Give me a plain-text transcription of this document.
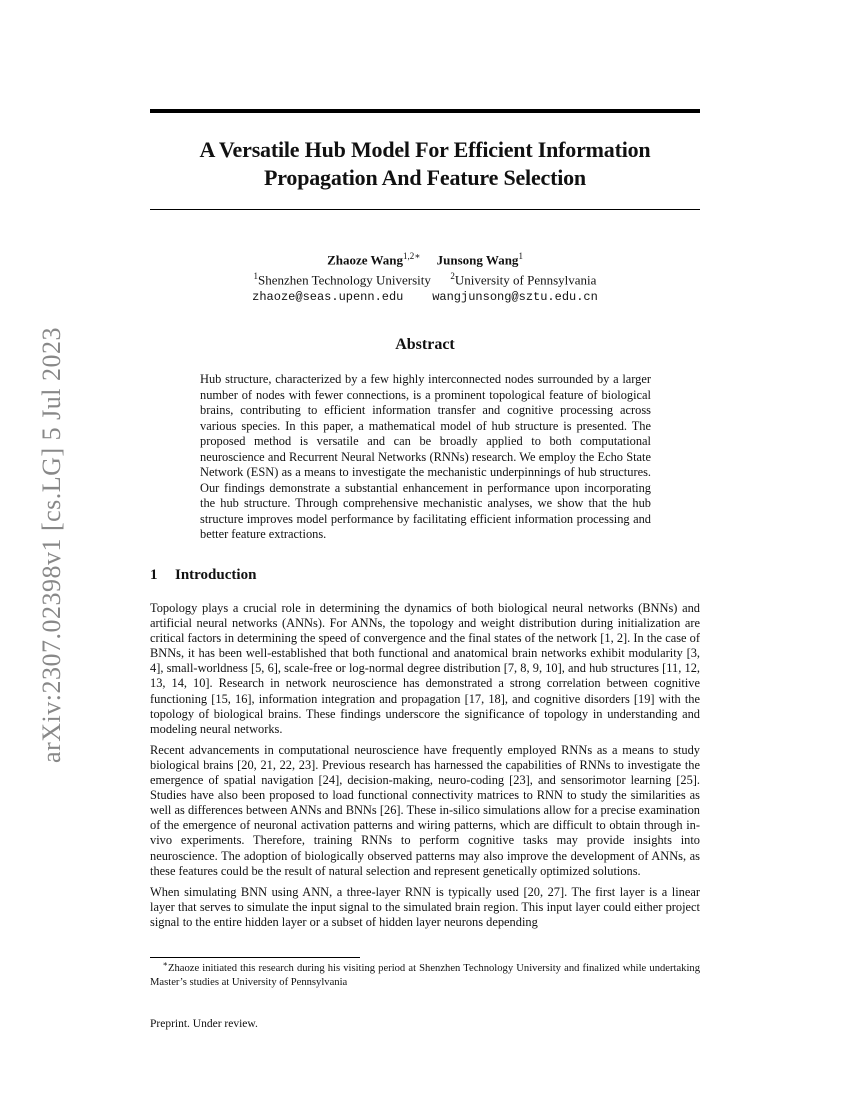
arXiv:2307.02398v1 [cs.LG] 5 Jul 2023
A Versatile Hub Model For Efficient Information
Propagation And Feature Selection
Zhaoze Wang$^{1,2∗}$ Junsong Wang$^1$
$^1$Shenzhen Technology University $^2$University of Pennsylvania
zhaoze@seas.upenn.edu wangjunsong@sztu.edu.cn
Abstract
Hub structure, characterized by a few highly interconnected nodes surrounded by a larger number of nodes with fewer connections, is a prominent topological feature of biological brains, contributing to efficient information transfer and cognitive processing across various species. In this paper, a mathematical model of hub structure is presented. The proposed method is versatile and can be broadly applied to both computational neuroscience and Recurrent Neural Networks (RNNs) research. We employ the Echo State Network (ESN) as a means to investigate the mechanistic underpinnings of hub structures. Our findings demonstrate a substantial enhancement in performance upon incorporating the hub structure. Through comprehensive mechanistic analyses, we show that the hub structure improves model performance by facilitating efficient information processing and better feature extractions.
1 Introduction

Topology plays a crucial role in determining the dynamics of both biological neural networks (BNNs) and artificial neural networks (ANNs). For ANNs, the topology and weight distribution during initialization are critical factors in determining the speed of convergence and the final states of the network [1, 2]. In the case of BNNs, it has been well-established that both functional and anatomical brain networks exhibit modularity [3, 4], small-worldness [5, 6], scale-free or log-normal degree distribution [7, 8, 9, 10], and hub structures [11, 12, 13, 14, 10]. Research in network neuroscience has demonstrated a strong correlation between cognitive functioning [15, 16], information integration and propagation [17, 18], and cognitive disorders [19] with the topology of biological brains. These findings underscore the significance of topology in understanding and modeling neural networks.

Recent advancements in computational neuroscience have frequently employed RNNs as a means to study biological brains [20, 21, 22, 23]. Previous research has harnessed the capabilities of RNNs to investigate the emergence of spatial navigation [24], decision-making, neuro-coding [23], and sensorimotor learning [25]. Studies have also been proposed to load functional connectivity matrices to RNN to study the similarities as well as differences between ANNs and BNNs [26]. These in-silico simulations allow for a precise examination of the emergence of neuronal activation patterns and wiring patterns, which are difficult to obtain through in-vivo experiments. Therefore, training RNNs to perform cognitive tasks may provide insights into neuroscience. The adoption of biologically observed patterns may also improve the development of ANNs, as these features could be the result of natural selection and represent genetically optimized solutions.

When simulating BNN using ANN, a three-layer RNN is typically used [20, 27]. The first layer is a linear layer that serves to simulate the input signal to the simulated brain region. This input layer could either project signal to the entire hidden layer or a subset of hidden layer neurons depending

∗Zhaoze initiated this research during his visiting period at Shenzhen Technology University and finalized while undertaking Master’s studies at University of Pennsylvania
Preprint. Under review.
